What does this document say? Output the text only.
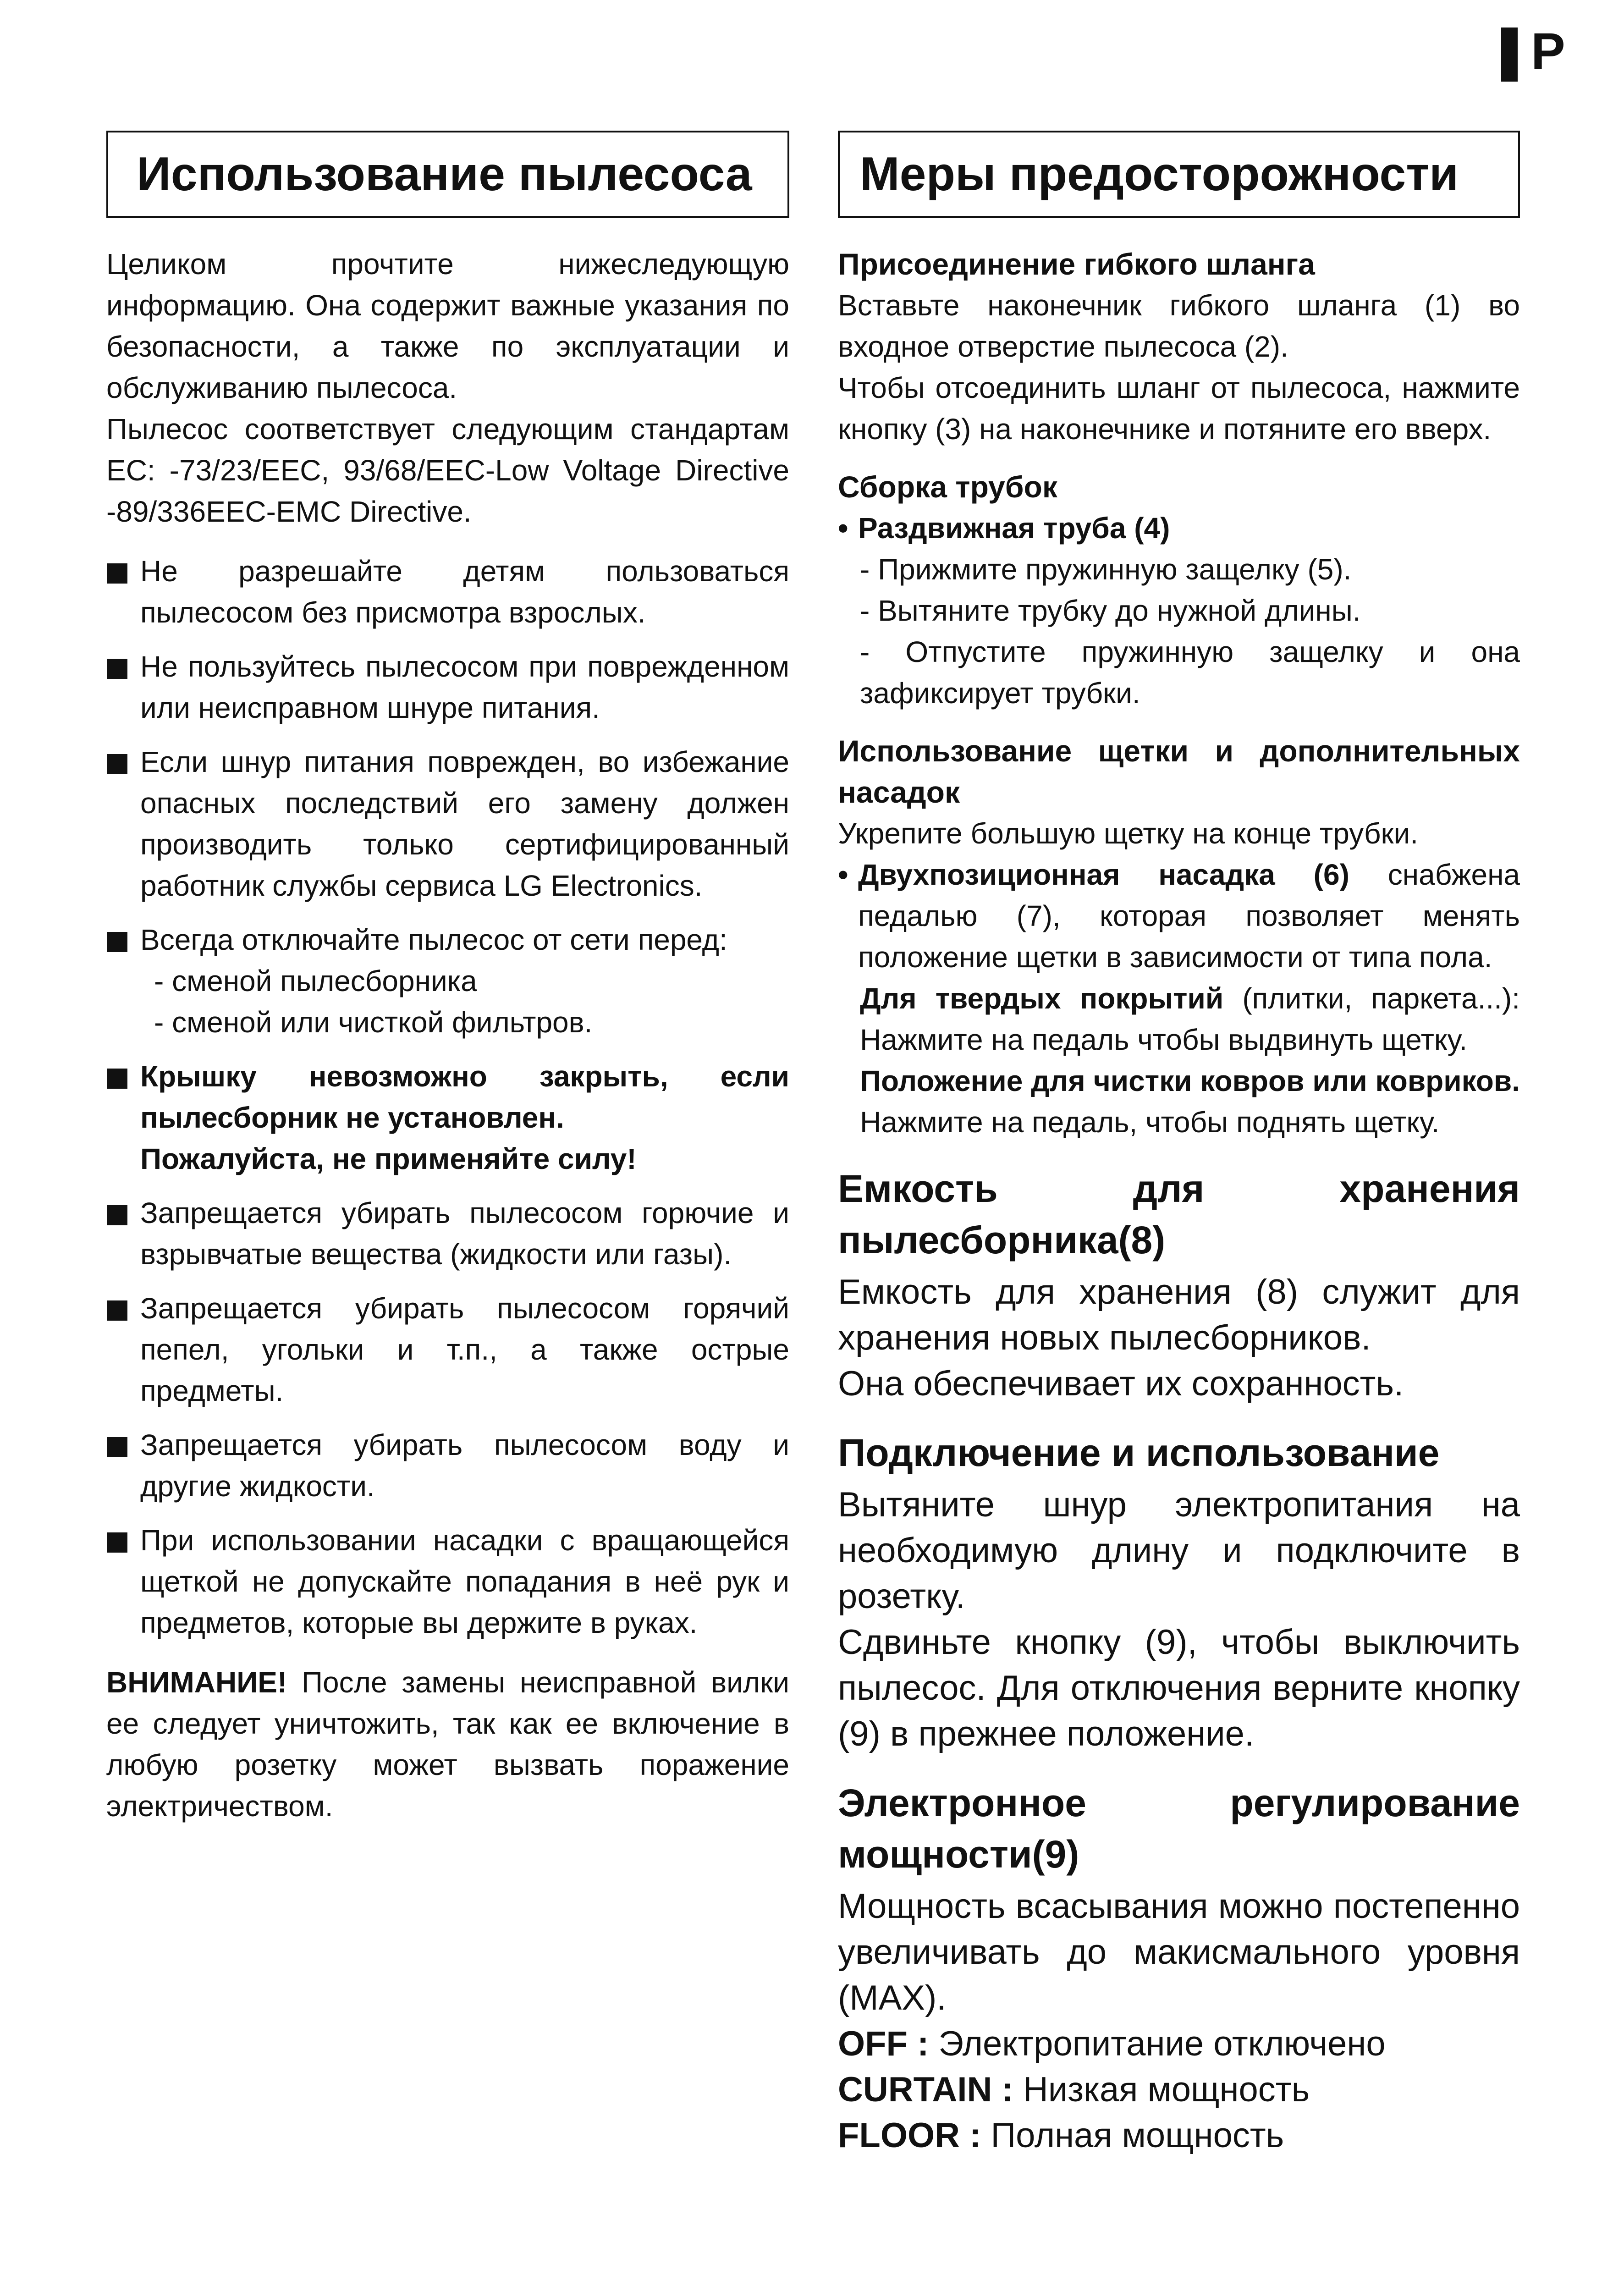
P
Использование пылесоса

Целиком прочтите нижеследующую информацию. Она содержит важные указания по безопасности, а также по эксплуатации и обслуживанию пылесоса.

Пылесос соответствует следующим стандартам EC: -73/23/EEC, 93/68/EEC-Low Voltage Directive -89/336EEC-EMC Directive.

Не разрешайте детям пользоваться пылесосом без присмотра взрослых.

Не пользуйтесь пылесосом при поврежденном или неисправном шнуре питания.

Если шнур питания поврежден, во избежание опасных последствий его замену должен производить только сертифицированный работник службы сервиса LG Electronics.

Всегда отключайте пылесос от сети перед:

- сменой пылесборника

- сменой или чисткой фильтров.

Крышку невозможно закрыть, если пылесборник не установлен.

Пожалуйста, не применяйте силу!

Запрещается убирать пылесосом горючие и взрывчатые вещества (жидкости или газы).

Запрещается убирать пылесосом горячий пепел, угольки и т.п., а также острые предметы.

Запрещается убирать пылесосом воду и другие жидкости.

При использовании насадки с вращающейся щеткой не допускайте попадания в неё рук и предметов, которые вы держите в руках.

ВНИМАНИЕ! После замены неисправной вилки ее следует уничтожить, так как ее включение в любую розетку может вызвать поражение электричеством.

Меры предосторожности

Присоединение гибкого шланга

Вставьте наконечник гибкого шланга (1) во входное отверстие пылесоса (2).

Чтобы отсоединить шланг от пылесоса, нажмите кнопку (3) на наконечнике и потяните его вверх.

Сборка трубок

• Раздвижная труба (4)

- Прижмите пружинную защелку (5).

- Вытяните трубку до нужной длины.

- Отпустите пружинную защелку и она зафиксирует трубки.

Использование щетки и дополнительных насадок

Укрепите большую щетку на конце трубки.

• Двухпозиционная насадка (6) снабжена педалью (7), которая позволяет менять положение щетки в зависимости от типа пола.

Для твердых покрытий (плитки, паркета...): Нажмите на педаль чтобы выдвинуть щетку.

Положение для чистки ковров или ковриков. Нажмите на педаль, чтобы поднять щетку.

Емкость для хранения пылесборника(8)

Емкость для хранения (8) служит для хранения новых пылесборников.

Она обеспечивает их сохранность.

Подключение и использование

Вытяните шнур электропитания на необходимую длину и подключите в розетку.

Сдвиньте кнопку (9), чтобы выключить пылесос. Для отключения верните кнопку (9) в прежнее положение.

Электронное регулирование мощности(9)

Мощность всасывания можно постепенно увеличивать до макисмального уровня (MAX).

OFF : Электропитание отключено

CURTAIN : Низкая мощность

FLOOR : Полная мощность
